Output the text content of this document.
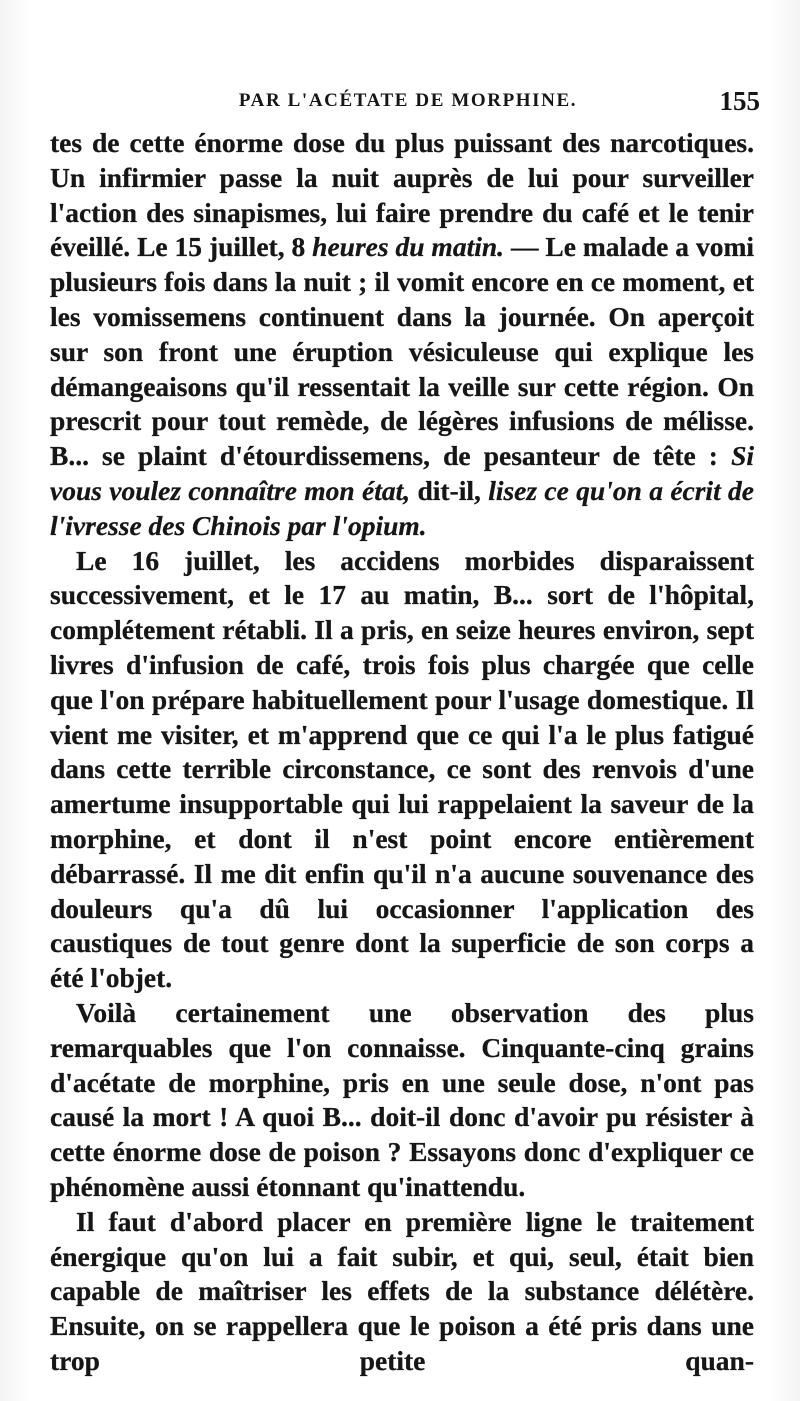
PAR L'ACÉTATE DE MORPHINE.	155

tes de cette énorme dose du plus puissant des narcotiques. Un infirmier passe la nuit auprès de lui pour surveiller l'action des sinapismes, lui faire prendre du café et le tenir éveillé. Le 15 juillet, 8 heures du matin. — Le malade a vomi plusieurs fois dans la nuit ; il vomit encore en ce moment, et les vomissemens continuent dans la journée. On aperçoit sur son front une éruption vésiculeuse qui explique les démangeaisons qu'il ressentait la veille sur cette région. On prescrit pour tout remède, de légères infusions de mélisse. B... se plaint d'étourdissemens, de pesanteur de tête : Si vous voulez connaître mon état, dit-il, lisez ce qu'on a écrit de l'ivresse des Chinois par l'opium.

Le 16 juillet, les accidens morbides disparaissent successivement, et le 17 au matin, B... sort de l'hôpital, complétement rétabli. Il a pris, en seize heures environ, sept livres d'infusion de café, trois fois plus chargée que celle que l'on prépare habituellement pour l'usage domestique. Il vient me visiter, et m'apprend que ce qui l'a le plus fatigué dans cette terrible circonstance, ce sont des renvois d'une amertume insupportable qui lui rappelaient la saveur de la morphine, et dont il n'est point encore entièrement débarrassé. Il me dit enfin qu'il n'a aucune souvenance des douleurs qu'a dû lui occasionner l'application des caustiques de tout genre dont la superficie de son corps a été l'objet.

Voilà certainement une observation des plus remarquables que l'on connaisse. Cinquante-cinq grains d'acétate de morphine, pris en une seule dose, n'ont pas causé la mort ! A quoi B... doit-il donc d'avoir pu résister à cette énorme dose de poison ? Essayons donc d'expliquer ce phénomène aussi étonnant qu'inattendu.

Il faut d'abord placer en première ligne le traitement énergique qu'on lui a fait subir, et qui, seul, était bien capable de maîtriser les effets de la substance délétère. Ensuite, on se rappellera que le poison a été pris dans une trop petite quan-
